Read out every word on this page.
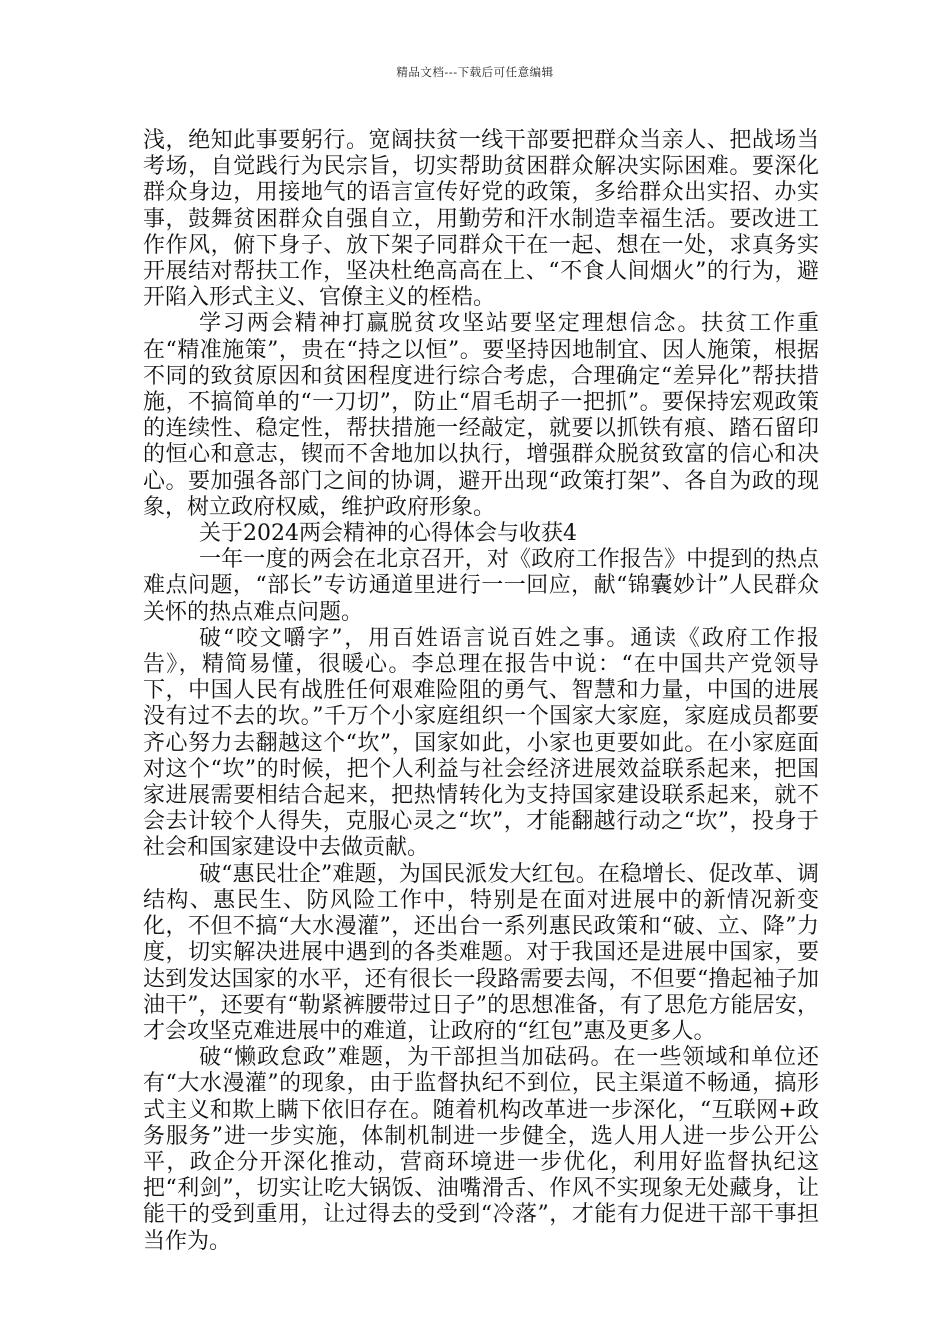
精品文档---下载后可任意编辑

浅，绝知此事要躬行。宽阔扶贫一线干部要把群众当亲人、把战场当考场，自觉践行为民宗旨，切实帮助贫困群众解决实际困难。要深化群众身边，用接地气的语言宣传好党的政策，多给群众出实招、办实事，鼓舞贫困群众自强自立，用勤劳和汗水制造幸福生活。要改进工作作风，俯下身子、放下架子同群众干在一起、想在一处，求真务实开展结对帮扶工作，坚决杜绝高高在上、“不食人间烟火”的行为，避开陷入形式主义、官僚主义的桎梏。

学习两会精神打赢脱贫攻坚站要坚定理想信念。扶贫工作重在“精准施策”，贵在“持之以恒”。要坚持因地制宜、因人施策，根据不同的致贫原因和贫困程度进行综合考虑，合理确定“差异化”帮扶措施，不搞简单的“一刀切”，防止“眉毛胡子一把抓”。要保持宏观政策的连续性、稳定性，帮扶措施一经敲定，就要以抓铁有痕、踏石留印的恒心和意志，锲而不舍地加以执行，增强群众脱贫致富的信心和决心。要加强各部门之间的协调，避开出现“政策打架”、各自为政的现象，树立政府权威，维护政府形象。

关于2024两会精神的心得体会与收获4

一年一度的两会在北京召开，对《政府工作报告》中提到的热点难点问题，“部长”专访通道里进行一一回应，献“锦囊妙计”人民群众关怀的热点难点问题。

破“咬文嚼字”，用百姓语言说百姓之事。通读《政府工作报告》，精简易懂，很暖心。李总理在报告中说：“在中国共产党领导下，中国人民有战胜任何艰难险阻的勇气、智慧和力量，中国的进展没有过不去的坎。”千万个小家庭组织一个国家大家庭，家庭成员都要齐心努力去翻越这个“坎”，国家如此，小家也更要如此。在小家庭面对这个“坎”的时候，把个人利益与社会经济进展效益联系起来，把国家进展需要相结合起来，把热情转化为支持国家建设联系起来，就不会去计较个人得失，克服心灵之“坎”，才能翻越行动之“坎”，投身于社会和国家建设中去做贡献。

破“惠民壮企”难题，为国民派发大红包。在稳增长、促改革、调结构、惠民生、防风险工作中，特别是在面对进展中的新情况新变化，不但不搞“大水漫灌”，还出台一系列惠民政策和“破、立、降”力度，切实解决进展中遇到的各类难题。对于我国还是进展中国家，要达到发达国家的水平，还有很长一段路需要去闯，不但要“撸起袖子加油干”，还要有“勒紧裤腰带过日子”的思想准备，有了思危方能居安，才会攻坚克难进展中的难道，让政府的“红包”惠及更多人。

破“懒政怠政”难题，为干部担当加砝码。在一些领域和单位还有“大水漫灌”的现象，由于监督执纪不到位，民主渠道不畅通，搞形式主义和欺上瞒下依旧存在。随着机构改革进一步深化，“互联网+政务服务”进一步实施，体制机制进一步健全，选人用人进一步公开公平，政企分开深化推动，营商环境进一步优化，利用好监督执纪这把“利剑”，切实让吃大锅饭、油嘴滑舌、作风不实现象无处藏身，让能干的受到重用，让过得去的受到“冷落”，才能有力促进干部干事担当作为。
